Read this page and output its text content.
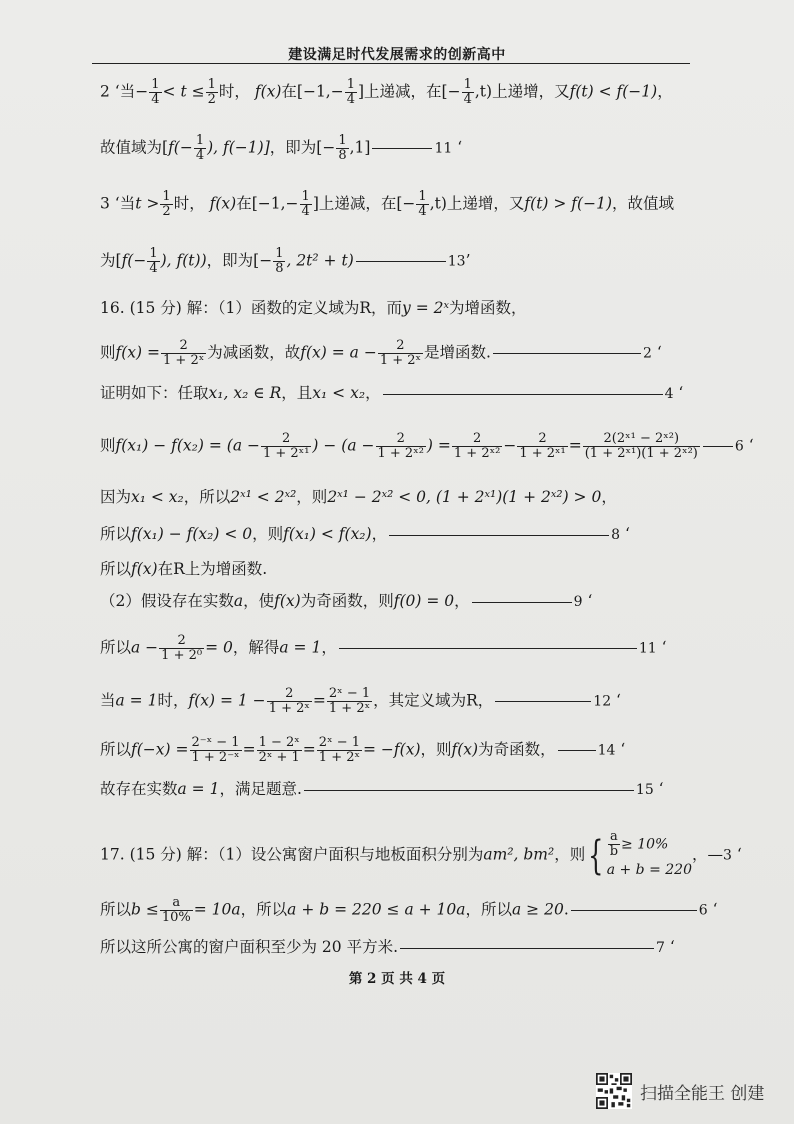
建设满足时代发展需求的创新高中
2 ‘当− $\frac{1}{4} < t \le \frac{1}{2}$ 时， f(x)在[$-1,- \frac{1}{4}$ ]上递减，在[− $\frac{1}{4} ,t$)上递增，又f(t) < f(−1)，
故值域为[$f(- \frac{1}{4}$ ), f(−1)]，即为[− $\frac{1}{8} ,1$]	11 ‘
3 ‘当$t > \frac{1}{2}$ 时， f(x)在[$-1,- \frac{1}{4}$ ]上递减，在[− $\frac{1}{4} ,t$)上递增，又f(t) > f(−1)，故值域
为[$f(- \frac{1}{4}$ ), f(t))，即为[− $\frac{1}{8}$ , 2t² + t)	13’
16. (15 分) 解：（1）函数的定义域为R，而y = 2ˣ为增函数，
则$f(x) = \frac{2}{\text{1 + 2ˣ}}$ 为减函数，故$f(x) = a - \frac{2}{\text{1 + 2ˣ}}$ 是增函数.	2 ‘
证明如下：任取x₁, x₂ ∈ R，且x₁ < x₂，	4 ‘
则$f(x_1) - f(x_2) = (a - \frac{2}{\text{1 + 2ˣ¹}}$ ) − ($a - \frac{2}{\text{1 + 2ˣ²}}$ ) = $\frac{2}{\text{1 + 2ˣ²}} - \frac{2}{\text{1 + 2ˣ¹}} = \frac{\text{2(2ˣ¹ − 2ˣ²)}}{\text{(1 + 2ˣ¹)(1 + 2ˣ²)}}$	6 ‘
因为x₁ < x₂，所以2ˣ¹ < 2ˣ²，则2ˣ¹ − 2ˣ² < 0, (1 + 2ˣ¹)(1 + 2ˣ²) > 0，
所以f(x₁) − f(x₂) < 0，则f(x₁) < f(x₂)，	8 ‘
所以f(x)在R上为增函数.
（2）假设存在实数a，使f(x)为奇函数，则f(0) = 0，	9 ‘
所以$a - \frac{2}{\text{1 + 2⁰}} = 0$，解得a = 1，	11 ‘
当a = 1时，$f(x) = 1 - \frac{2}{\text{1 + 2ˣ}} = \frac{\text{2ˣ − 1}}{\text{1 + 2ˣ}}$ ，其定义域为R，	12 ‘
所以$f(-x) = \frac{\text{2⁻ˣ − 1}}{\text{1 + 2⁻ˣ}} = \frac{\text{1 − 2ˣ}}{\text{2ˣ + 1}} = \frac{\text{2ˣ − 1}}{\text{1 + 2ˣ}} = -f(x)$，则f(x)为奇函数，	14 ‘
故存在实数a = 1，满足题意.	15 ‘
17. (15 分) 解：（1）设公寓窗户面积与地板面积分别为am², bm²，则{ $\frac{a}{b} \ge 10\%$
a + b = 220
，—3 ‘
所以$b \le \frac{a}{10\%} = 10a$，所以a + b = 220 ≤ a + 10a，所以a ≥ 20.	6 ‘
所以这所公寓的窗户面积至少为 20 平方米.	7 ‘
第 2 页 共 4 页
扫描全能王 创建
